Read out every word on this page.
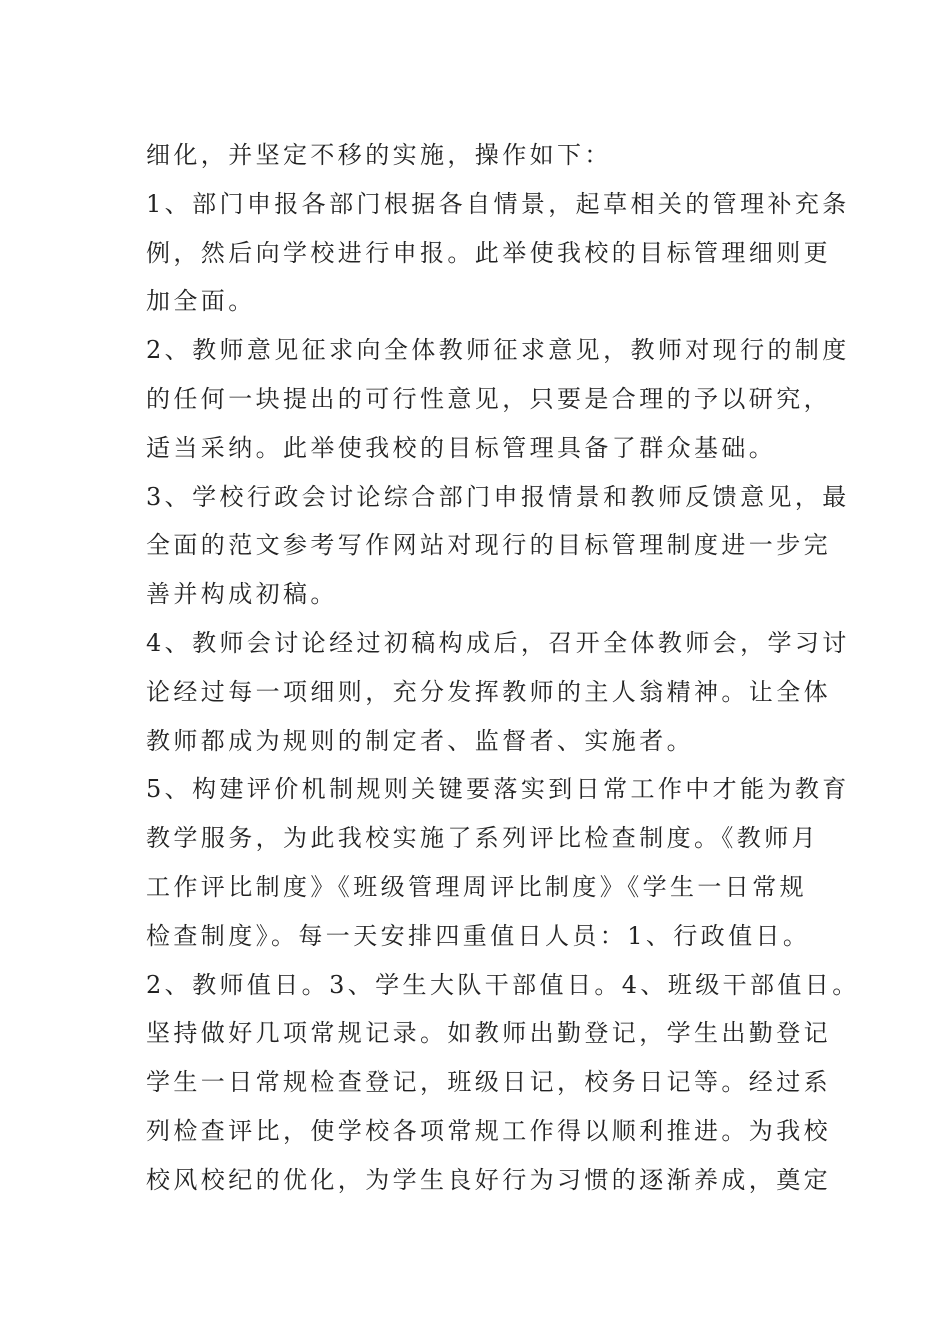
细化，并坚定不移的实施，操作如下：
1、部门申报各部门根据各自情景，起草相关的管理补充条
例，然后向学校进行申报。此举使我校的目标管理细则更
加全面。
2、教师意见征求向全体教师征求意见，教师对现行的制度
的任何一块提出的可行性意见，只要是合理的予以研究，
适当采纳。此举使我校的目标管理具备了群众基础。
3、学校行政会讨论综合部门申报情景和教师反馈意见，最
全面的范文参考写作网站对现行的目标管理制度进一步完
善并构成初稿。
4、教师会讨论经过初稿构成后，召开全体教师会，学习讨
论经过每一项细则，充分发挥教师的主人翁精神。让全体
教师都成为规则的制定者、监督者、实施者。
5、构建评价机制规则关键要落实到日常工作中才能为教育
教学服务，为此我校实施了系列评比检查制度。《教师月
工作评比制度》《班级管理周评比制度》《学生一日常规
检查制度》。每一天安排四重值日人员：1、行政值日。
2、教师值日。3、学生大队干部值日。4、班级干部值日。
坚持做好几项常规记录。如教师出勤登记，学生出勤登记
学生一日常规检查登记，班级日记，校务日记等。经过系
列检查评比，使学校各项常规工作得以顺利推进。为我校
校风校纪的优化，为学生良好行为习惯的逐渐养成，奠定
